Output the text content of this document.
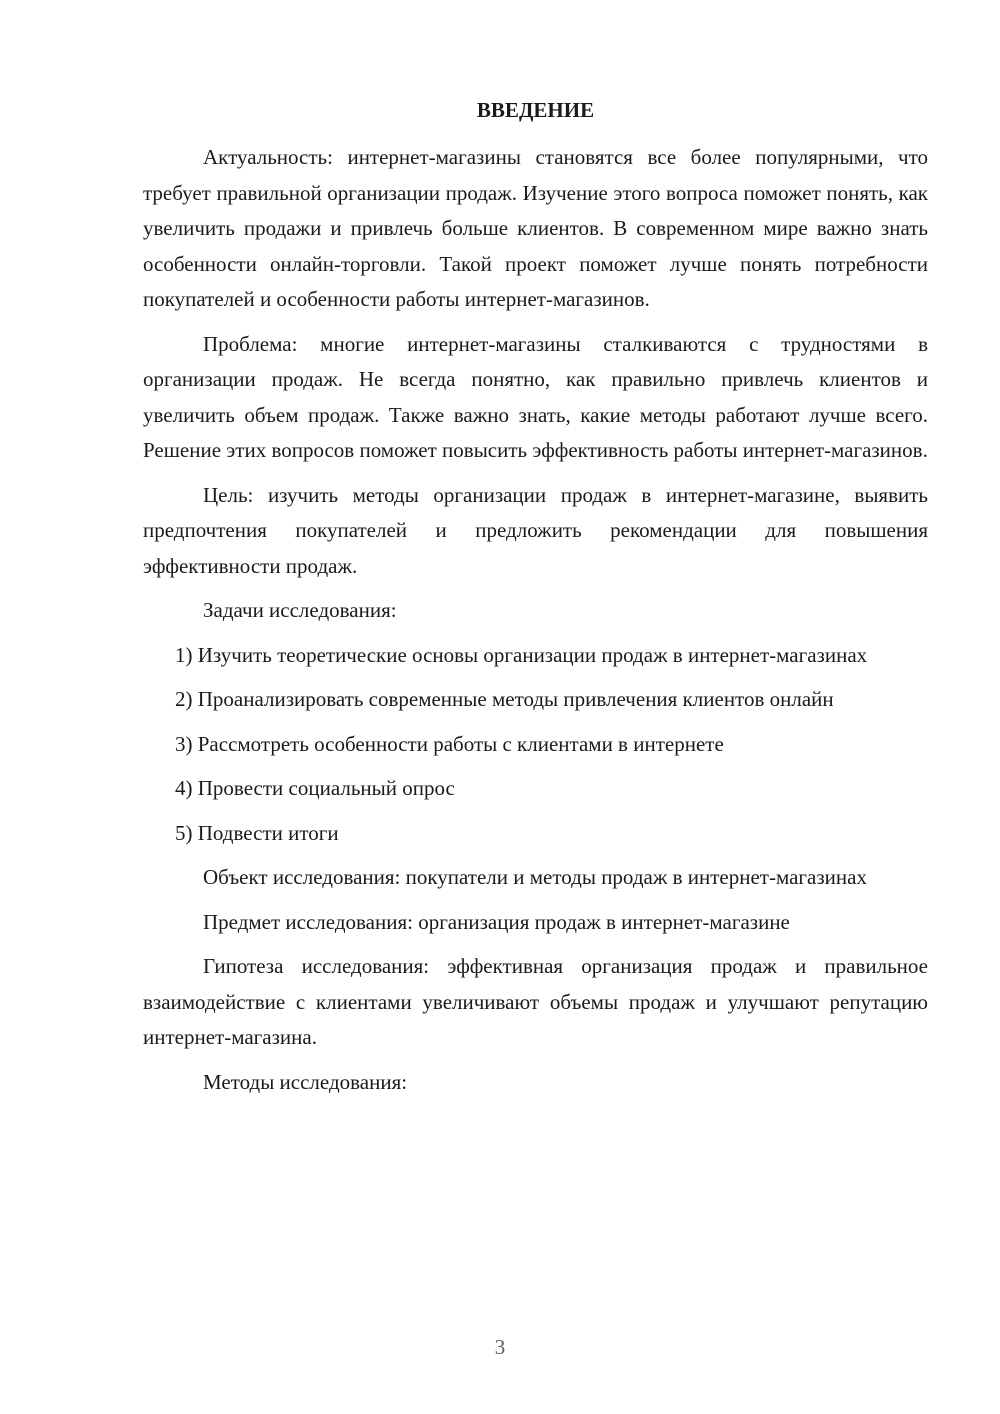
ВВЕДЕНИЕ

Актуальность: интернет-магазины становятся все более популярными, что требует правильной организации продаж. Изучение этого вопроса поможет понять, как увеличить продажи и привлечь больше клиентов. В современном мире важно знать особенности онлайн-торговли. Такой проект поможет лучше понять потребности покупателей и особенности работы интернет-магазинов.

Проблема: многие интернет-магазины сталкиваются с трудностями в организации продаж. Не всегда понятно, как правильно привлечь клиентов и увеличить объем продаж. Также важно знать, какие методы работают лучше всего. Решение этих вопросов поможет повысить эффективность работы интернет-магазинов.

Цель: изучить методы организации продаж в интернет-магазине, выявить предпочтения покупателей и предложить рекомендации для повышения эффективности продаж.

Задачи исследования:

1) Изучить теоретические основы организации продаж в интернет-магазинах

2) Проанализировать современные методы привлечения клиентов онлайн

3) Рассмотреть особенности работы с клиентами в интернете

4) Провести социальный опрос

5) Подвести итоги

Объект исследования: покупатели и методы продаж в интернет-магазинах

Предмет исследования: организация продаж в интернет-магазине

Гипотеза исследования: эффективная организация продаж и правильное взаимодействие с клиентами увеличивают объемы продаж и улучшают репутацию интернет-магазина.

Методы исследования:

3
